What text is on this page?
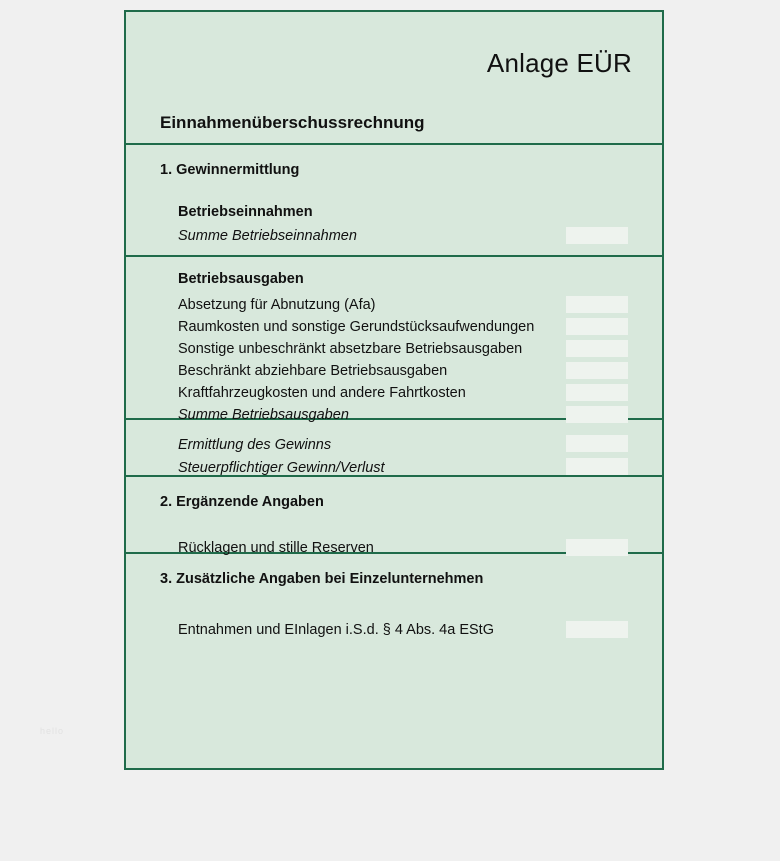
Anlage EÜR
Einnahmenüberschussrechnung
1. Gewinnermittlung
Betriebseinnahmen
Summe Betriebseinnahmen
Betriebsausgaben
Absetzung für Abnutzung (Afa)
Raumkosten und sonstige Gerundstücksaufwendungen
Sonstige unbeschränkt absetzbare Betriebsausgaben
Beschränkt abziehbare Betriebsausgaben
Kraftfahrzeugkosten und andere Fahrtkosten
Summe Betriebsausgaben
Ermittlung des Gewinns
Steuerpflichtiger Gewinn/Verlust
2. Ergänzende Angaben
Rücklagen und stille Reserven
3. Zusätzliche Angaben bei Einzelunternehmen
Entnahmen und EInlagen i.S.d. § 4 Abs. 4a EStG
hello
